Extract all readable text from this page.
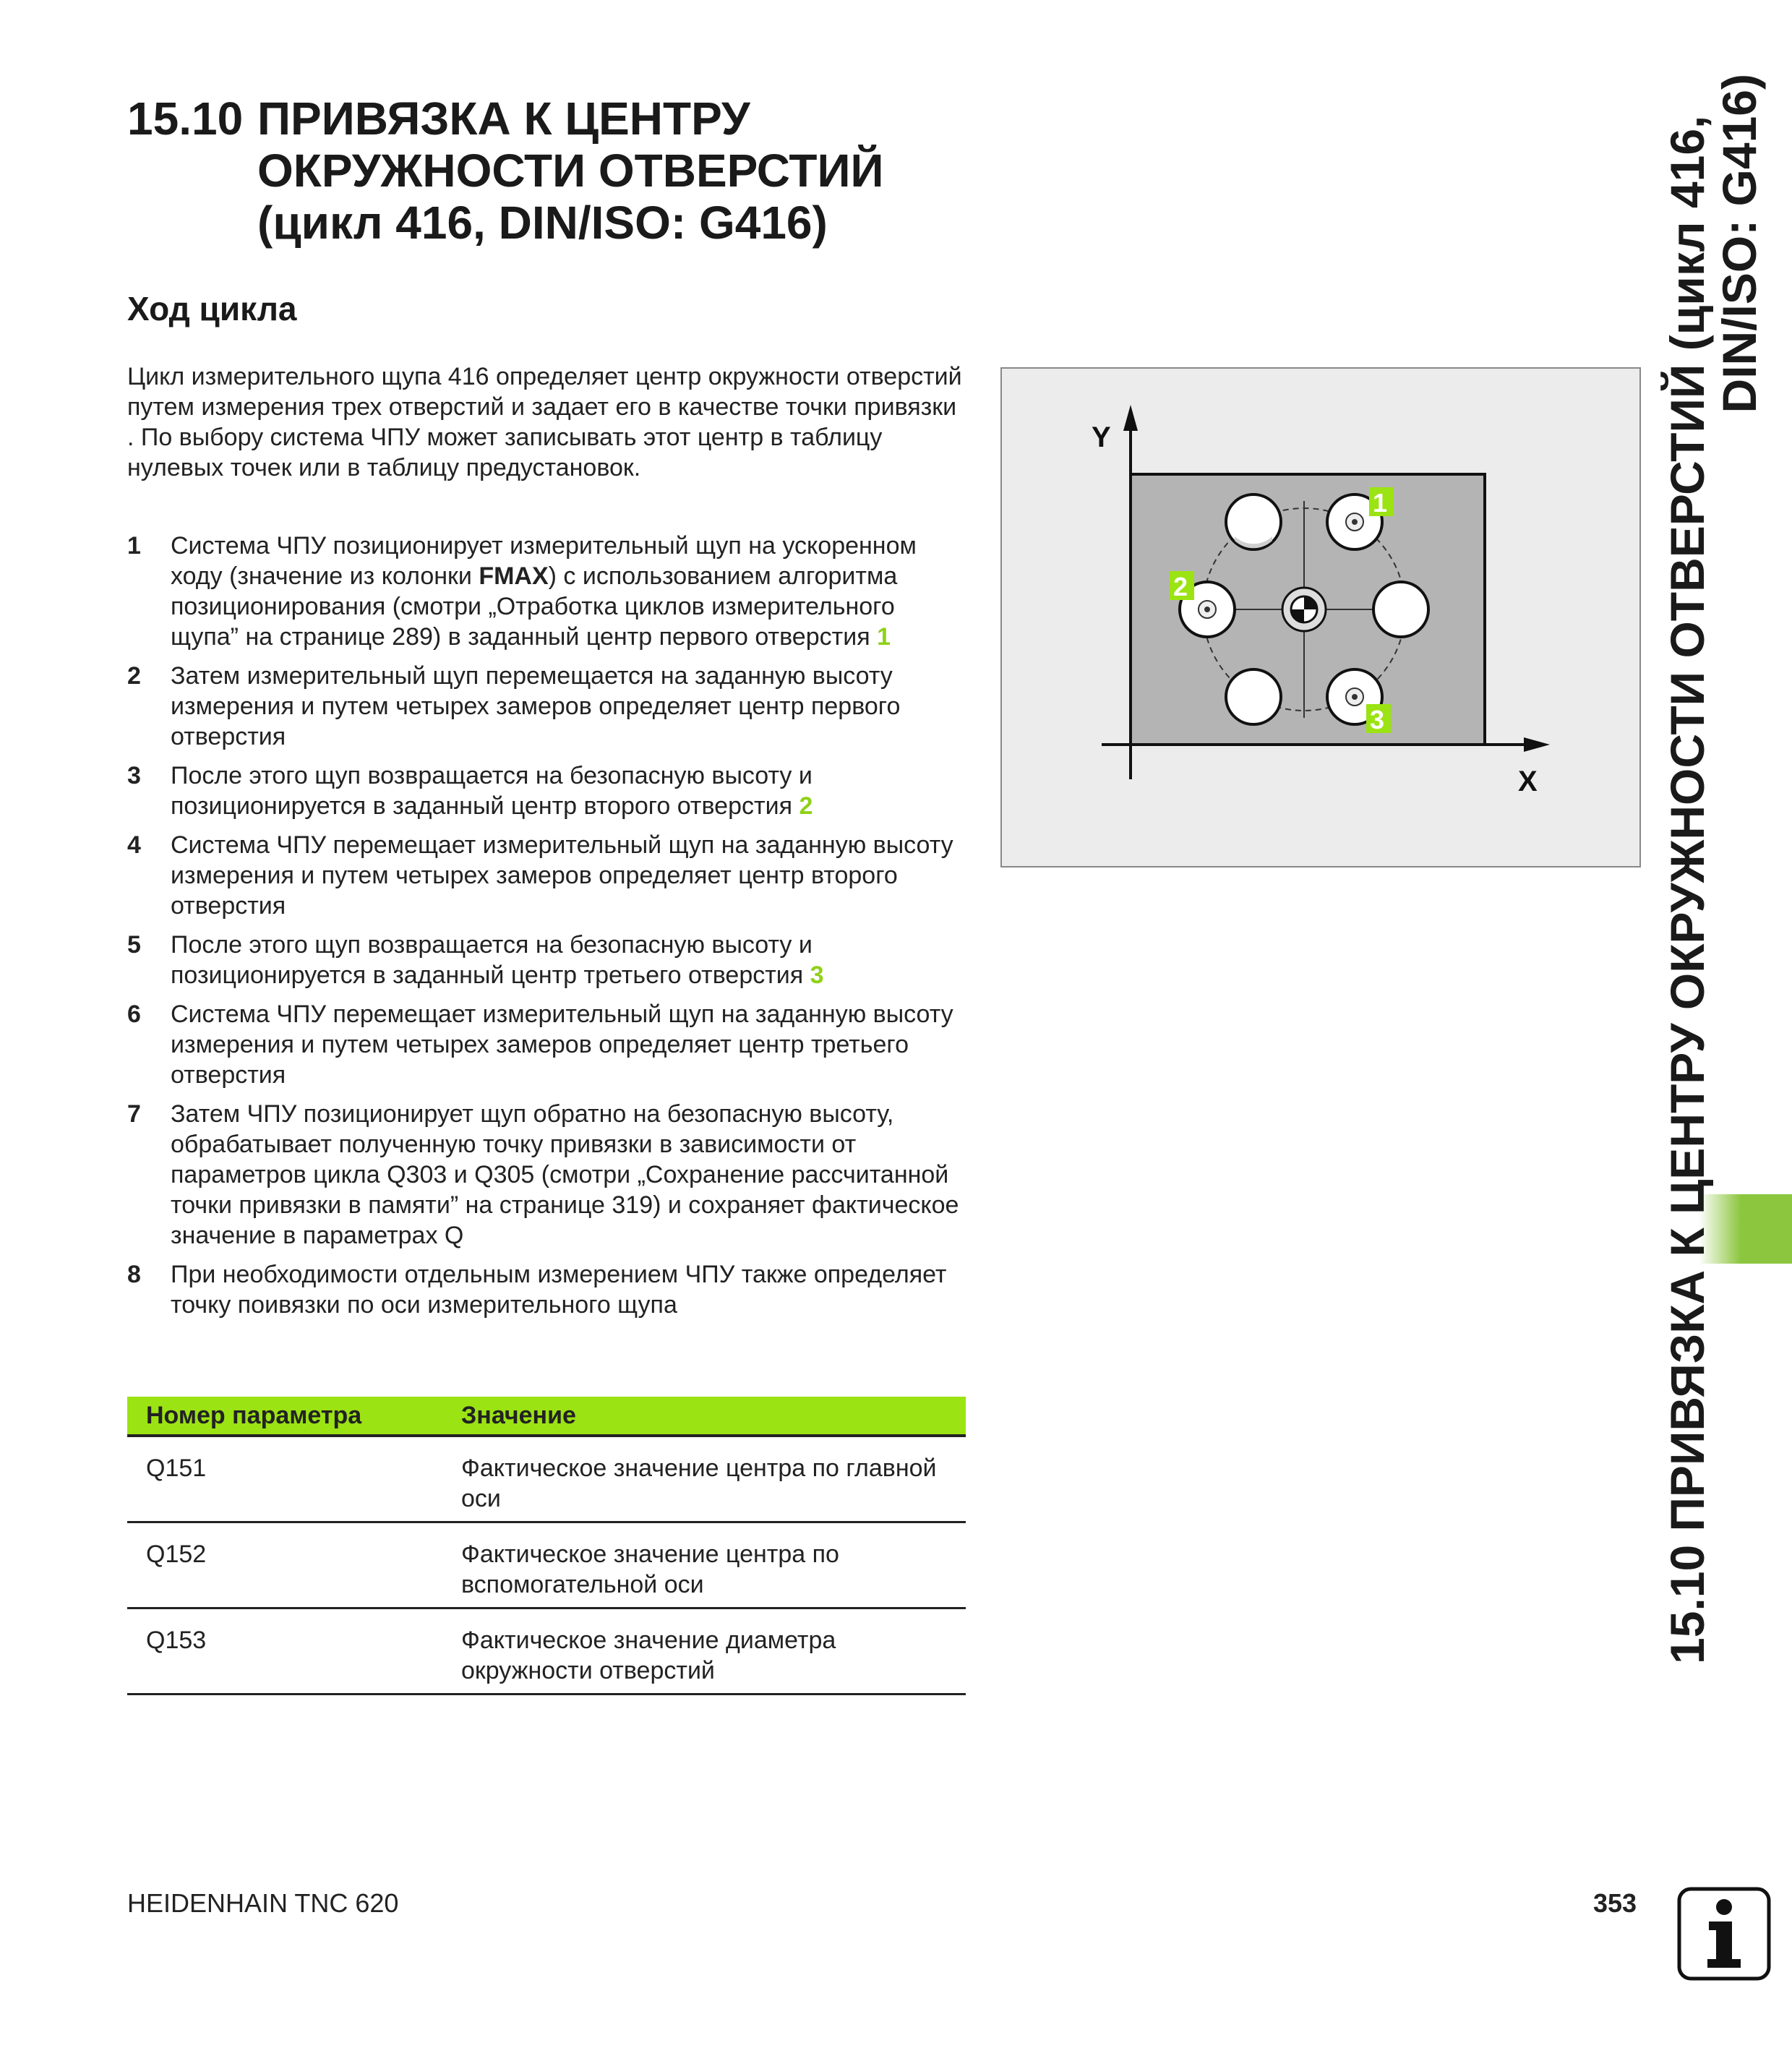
15.10 ПРИВЯЗКА К ЦЕНТРУ
ОКРУЖНОСТИ ОТВЕРСТИЙ
(цикл 416, DIN/ISO: G416)
Ход цикла
Цикл измерительного щупа 416 определяет центр окружности отверстий путем измерения трех отверстий и задает его в качестве точки привязки . По выбору система ЧПУ может записывать этот центр в таблицу нулевых точек или в таблицу предустановок.
1 Система ЧПУ позиционирует измерительный щуп на ускоренном ходу (значение из колонки FMAX) с использованием алгоритма позиционирования (смотри „Отработка циклов измерительного щупа” на странице 289) в заданный центр первого отверстия 1
2 Затем измерительный щуп перемещается на заданную высоту измерения и путем четырех замеров определяет центр первого отверстия
3 После этого щуп возвращается на безопасную высоту и позиционируется в заданный центр второго отверстия 2
4 Система ЧПУ перемещает измерительный щуп на заданную высоту измерения и путем четырех замеров определяет центр второго отверстия
5 После этого щуп возвращается на безопасную высоту и позиционируется в заданный центр третьего отверстия 3
6 Система ЧПУ перемещает измерительный щуп на заданную высоту измерения и путем четырех замеров определяет центр третьего отверстия
7 Затем ЧПУ позиционирует щуп обратно на безопасную высоту, обрабатывает полученную точку привязки в зависимости от параметров цикла Q303 и Q305 (смотри „Сохранение рассчитанной точки привязки в памяти” на странице 319) и сохраняет фактическое значение в параметрах Q
8 При необходимости отдельным измерением ЧПУ также определяет точку поивязки по оси измерительного щупа
Номер параметра	Значение
Q151	Фактическое значение центра по главной оси
Q152	Фактическое значение центра по вспомогательной оси
Q153	Фактическое значение диаметра окружности отверстий
Y
X
1
2
3	15.10 ПРИВЯЗКА К ЦЕНТРУ ОКРУЖНОСТИ ОТВЕРСТИЙ (цикл 416,
DIN/ISO: G416)
HEIDENHAIN TNC 620	353
